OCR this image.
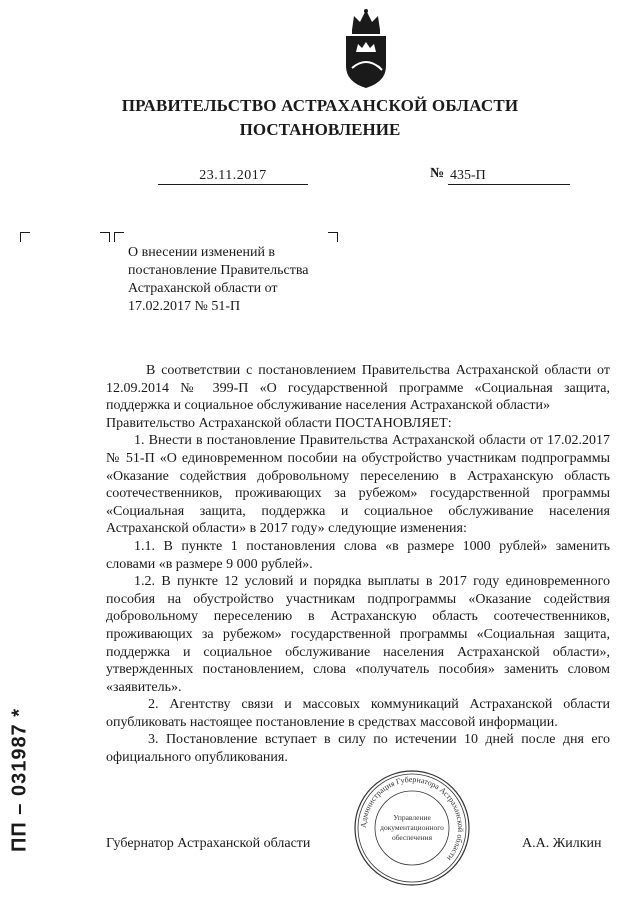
ПРАВИТЕЛЬСТВО АСТРАХАНСКОЙ ОБЛАСТИ
ПОСТАНОВЛЕНИЕ
23.11.2017	№ 435-П
О внесении изменений в
постановление Правительства
Астраханской области от
17.02.2017 № 51-П

В соответствии с постановлением Правительства Астраханской области от 12.09.2014 № 399-П «О государственной программе «Социальная защита, поддержка и социальное обслуживание населения Астраханской области»

Правительство Астраханской области ПОСТАНОВЛЯЕТ:

1. Внести в постановление Правительства Астраханской области от 17.02.2017 № 51-П «О единовременном пособии на обустройство участникам подпрограммы «Оказание содействия добровольному переселению в Астраханскую область соотечественников, проживающих за рубежом» государственной программы «Социальная защита, поддержка и социальное обслуживание населения Астраханской области» в 2017 году» следующие изменения:

1.1. В пункте 1 постановления слова «в размере 1000 рублей» заменить словами «в размере 9 000 рублей».

1.2. В пункте 12 условий и порядка выплаты в 2017 году единовременного пособия на обустройство участникам подпрограммы «Оказание содействия добровольному переселению в Астраханскую область соотечественников, проживающих за рубежом» государственной программы «Социальная защита, поддержка и социальное обслуживание населения Астраханской области», утвержденных постановлением, слова «получатель пособия» заменить словом «заявитель».

2. Агентству связи и массовых коммуникаций Астраханской области опубликовать настоящее постановление в средствах массовой информации.

3. Постановление вступает в силу по истечении 10 дней после дня его официального опубликования.

ПП – 031987 *	Губернатор Астраханской области	А.А. Жилкин
Администрация Губернатора Астраханской области
Управление
документационного
обеспечения
